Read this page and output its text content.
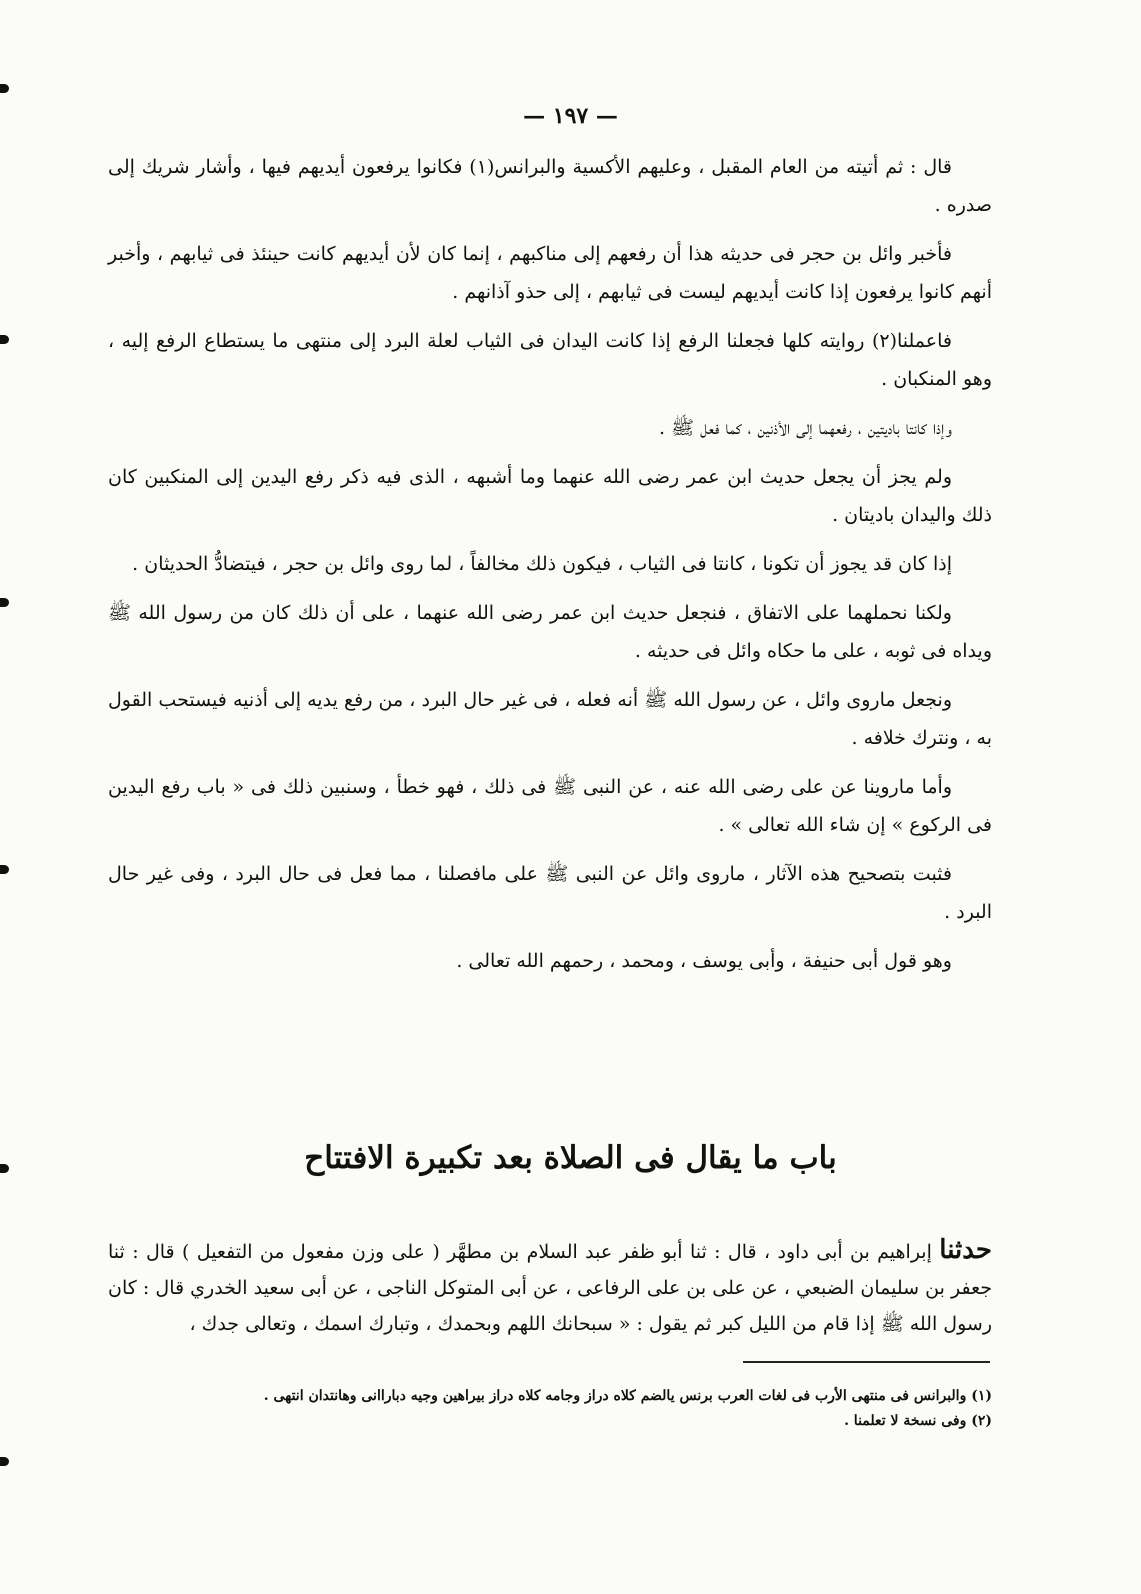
— ١٩٧ —

قال : ثم أتيته من العام المقبل ، وعليهم الأكسية والبرانس(١) فكانوا يرفعون أيديهم فيها ، وأشار شريك إلى صدره .

فأخبر وائل بن حجر فى حديثه هذا أن رفعهم إلى مناكبهم ، إنما كان لأن أيديهم كانت حينئذ فى ثيابهم ، وأخبر أنهم كانوا يرفعون إذا كانت أيديهم ليست فى ثيابهم ، إلى حذو آذانهم .

فاعملنا(٢) روايته كلها فجعلنا الرفع إذا كانت اليدان فى الثياب لعلة البرد إلى منتهى ما يستطاع الرفع إليه ، وهو المنكبان .

وإذا كانتا باديتين ، رفعهما إلى الأذنين ، كما فعل ﷺ .

ولم يجز أن يجعل حديث ابن عمر رضى الله عنهما وما أشبهه ، الذى فيه ذكر رفع اليدين إلى المنكبين كان ذلك واليدان باديتان .

إذا كان قد يجوز أن تكونا ، كانتا فى الثياب ، فيكون ذلك مخالفاً ، لما روى وائل بن حجر ، فيتضادُّ الحديثان .

ولكنا نحملهما على الاتفاق ، فنجعل حديث ابن عمر رضى الله عنهما ، على أن ذلك كان من رسول الله ﷺ ويداه فى ثوبه ، على ما حكاه وائل فى حديثه .

ونجعل ماروى وائل ، عن رسول الله ﷺ أنه فعله ، فى غير حال البرد ، من رفع يديه إلى أذنيه فيستحب القول به ، ونترك خلافه .

وأما ماروينا عن على رضى الله عنه ، عن النبى ﷺ فى ذلك ، فهو خطأ ، وسنبين ذلك فى « باب رفع اليدين فى الركوع » إن شاء الله تعالى » .

فثبت بتصحيح هذه الآثار ، ماروى وائل عن النبى ﷺ على مافصلنا ، مما فعل فى حال البرد ، وفى غير حال البرد .

وهو قول أبى حنيفة ، وأبى يوسف ، ومحمد ، رحمهم الله تعالى .

باب ما يقال فى الصلاة بعد تكبيرة الافتتاح
حدثنا إبراهيم بن أبى داود ، قال : ثنا أبو ظفر عبد السلام بن مطهَّر ( على وزن مفعول من التفعيل ) قال : ثنا جعفر بن سليمان الضبعي ، عن على بن على الرفاعى ، عن أبى المتوكل الناجى ، عن أبى سعيد الخدري قال : كان رسول الله ﷺ إذا قام من الليل كبر ثم يقول : « سبحانك اللهم وبحمدك ، وتبارك اسمك ، وتعالى جدك ،

(١) والبرانس فى منتهى الأرب فى لغات العرب برنس يالضم كلاه دراز وجامه كلاه دراز بيراهين وجيه دباراانى وهانتدان انتهى .

(٢) وفى نسخة لا تعلمنا .
